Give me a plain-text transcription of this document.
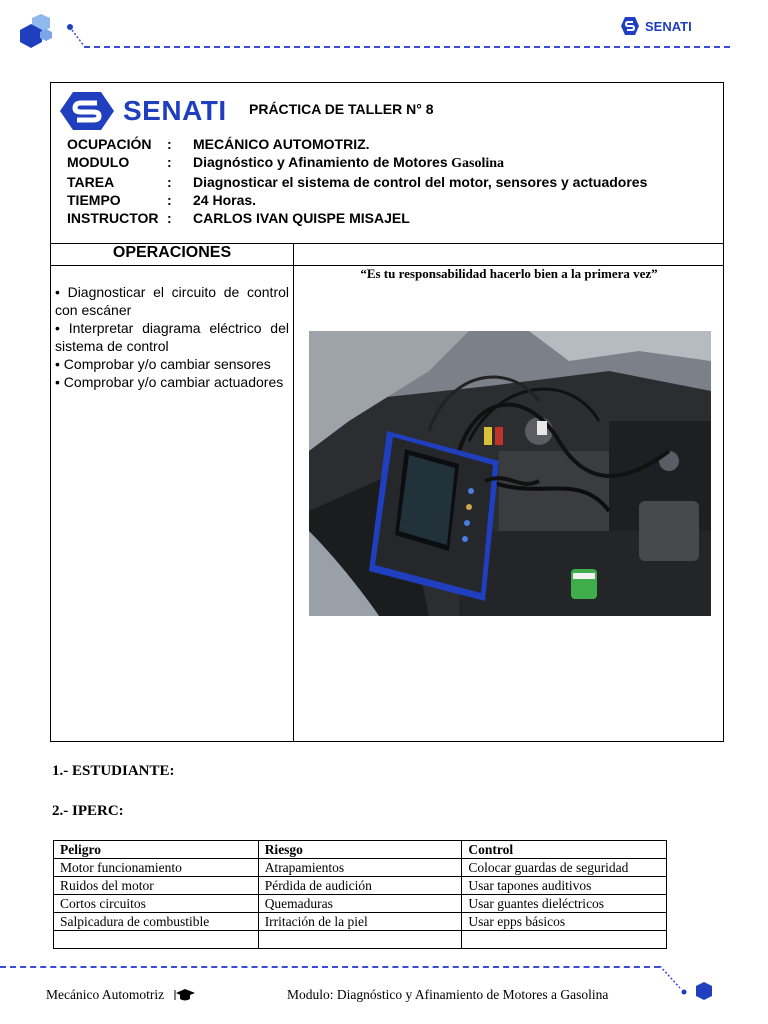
SENATI
SENATI PRÁCTICA DE TALLER N° 8
OCUPACIÓN	:	MECÁNICO AUTOMOTRIZ.
MODULO	:	Diagnóstico y Afinamiento de Motores Gasolina
TAREA	:	Diagnosticar el sistema de control del motor, sensores y actuadores
TIEMPO	:	24 Horas.
INSTRUCTOR :	CARLOS IVAN QUISPE MISAJEL
OPERACIONES
• Diagnosticar el circuito de control con escáner
• Interpretar diagrama eléctrico del sistema de control
• Comprobar y/o cambiar sensores
• Comprobar y/o cambiar actuadores
“Es tu responsabilidad hacerlo bien a la primera vez”
1.- ESTUDIANTE:
2.- IPERC:
Peligro	Riesgo	Control
Motor funcionamiento	Atrapamientos	Colocar guardas de seguridad
Ruidos del motor	Pérdida de audición	Usar tapones auditivos
Cortos circuitos	Quemaduras	Usar guantes dieléctricos
Salpicadura de combustible	Irritación de la piel	Usar epps básicos

Mecánico Automotriz	Modulo: Diagnóstico y Afinamiento de Motores a Gasolina
